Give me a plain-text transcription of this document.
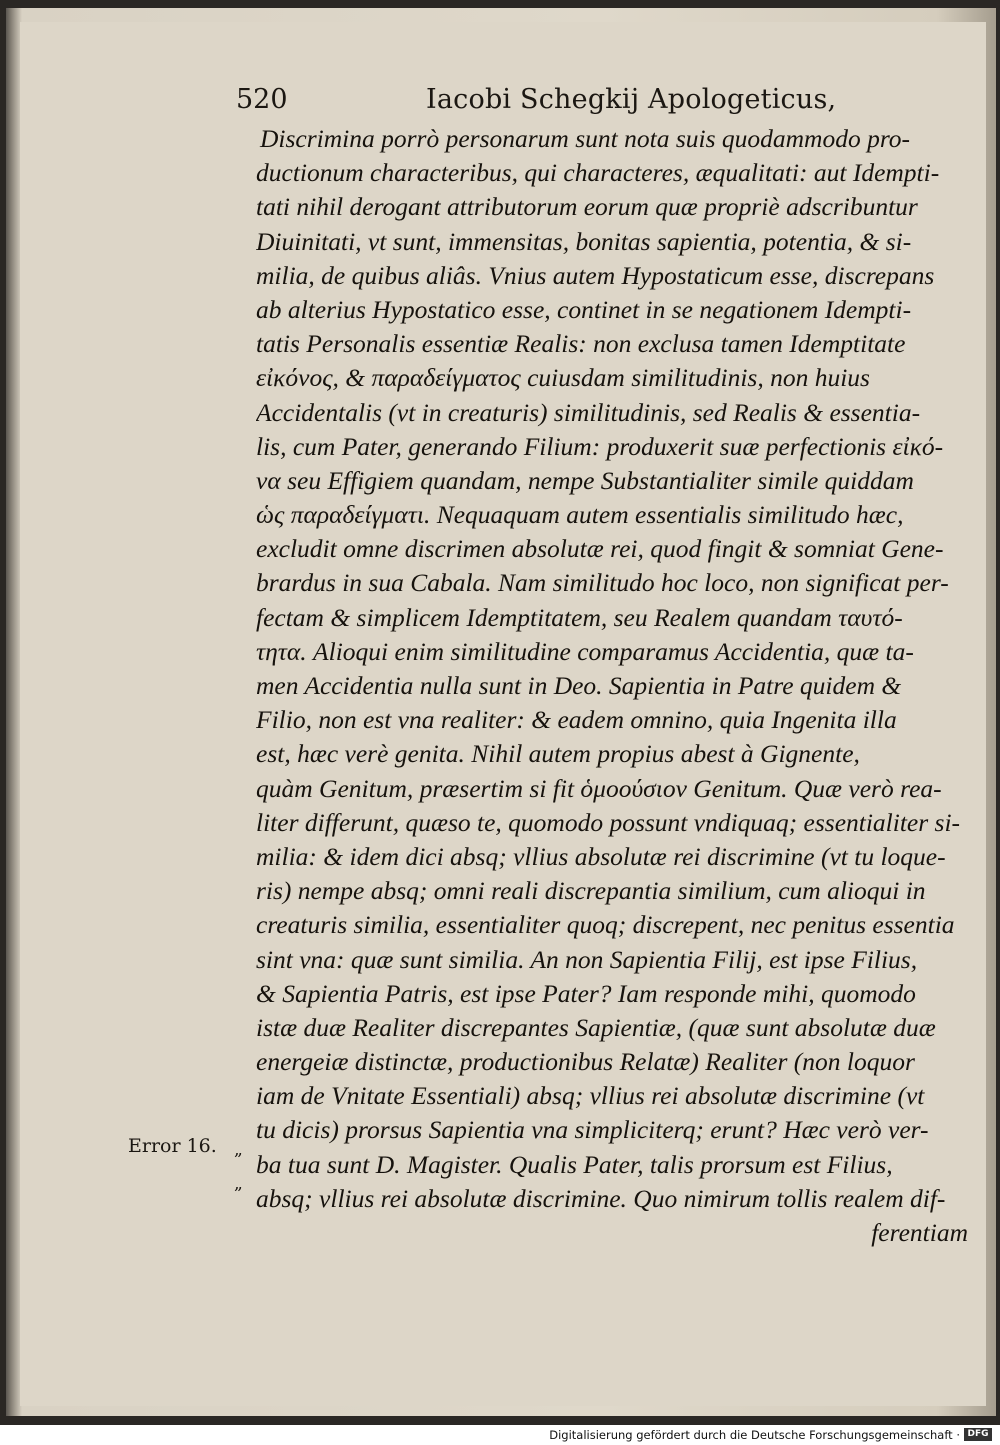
520	Iacobi Schegkij Apologeticus,
Error 16. „
„
Discrimina porrò personarum sunt nota suis quodammodo pro-
ductionum characteribus, qui characteres, æqualitati: aut Idempti-
tati nihil derogant attributorum eorum quæ propriè adscribuntur
Diuinitati, vt sunt, immensitas, bonitas sapientia, potentia, & si-
milia, de quibus aliâs. Vnius autem Hypostaticum esse, discrepans
ab alterius Hypostatico esse, continet in se negationem Idempti-
tatis Personalis essentiæ Realis: non exclusa tamen Idemptitate
εἰκόνος, & παραδείγματος cuiusdam similitudinis, non huius
Accidentalis (vt in creaturis) similitudinis, sed Realis & essentia-
lis, cum Pater, generando Filium: produxerit suæ perfectionis εἰκό-
να seu Effigiem quandam, nempe Substantialiter simile quiddam
ὡς παραδείγματι. Nequaquam autem essentialis similitudo hæc,
excludit omne discrimen absolutæ rei, quod fingit & somniat Gene-
brardus in sua Cabala. Nam similitudo hoc loco, non significat per-
fectam & simplicem Idemptitatem, seu Realem quandam ταυτό-
τητα. Alioqui enim similitudine comparamus Accidentia, quæ ta-
men Accidentia nulla sunt in Deo. Sapientia in Patre quidem &
Filio, non est vna realiter: & eadem omnino, quia Ingenita illa
est, hæc verè genita. Nihil autem propius abest à Gignente,
quàm Genitum, præsertim si fit ὁμοούσιον Genitum. Quæ verò rea-
liter differunt, quæso te, quomodo possunt vndiquaq; essentialiter si-
milia: & idem dici absq; vllius absolutæ rei discrimine (vt tu loque-
ris) nempe absq; omni reali discrepantia similium, cum alioqui in
creaturis similia, essentialiter quoq; discrepent, nec penitus essentia
sint vna: quæ sunt similia. An non Sapientia Filij, est ipse Filius,
& Sapientia Patris, est ipse Pater? Iam responde mihi, quomodo
istæ duæ Realiter discrepantes Sapientiæ, (quæ sunt absolutæ duæ
energeiæ distinctæ, productionibus Relatæ) Realiter (non loquor
iam de Vnitate Essentiali) absq; vllius rei absolutæ discrimine (vt
tu dicis) prorsus Sapientia vna simpliciterq; erunt? Hæc verò ver-
ba tua sunt D. Magister. Qualis Pater, talis prorsum est Filius,
absq; vllius rei absolutæ discrimine. Quo nimirum tollis realem dif-
ferentiam
Digitalisierung gefördert durch die Deutsche Forschungsgemeinschaft · DFG
